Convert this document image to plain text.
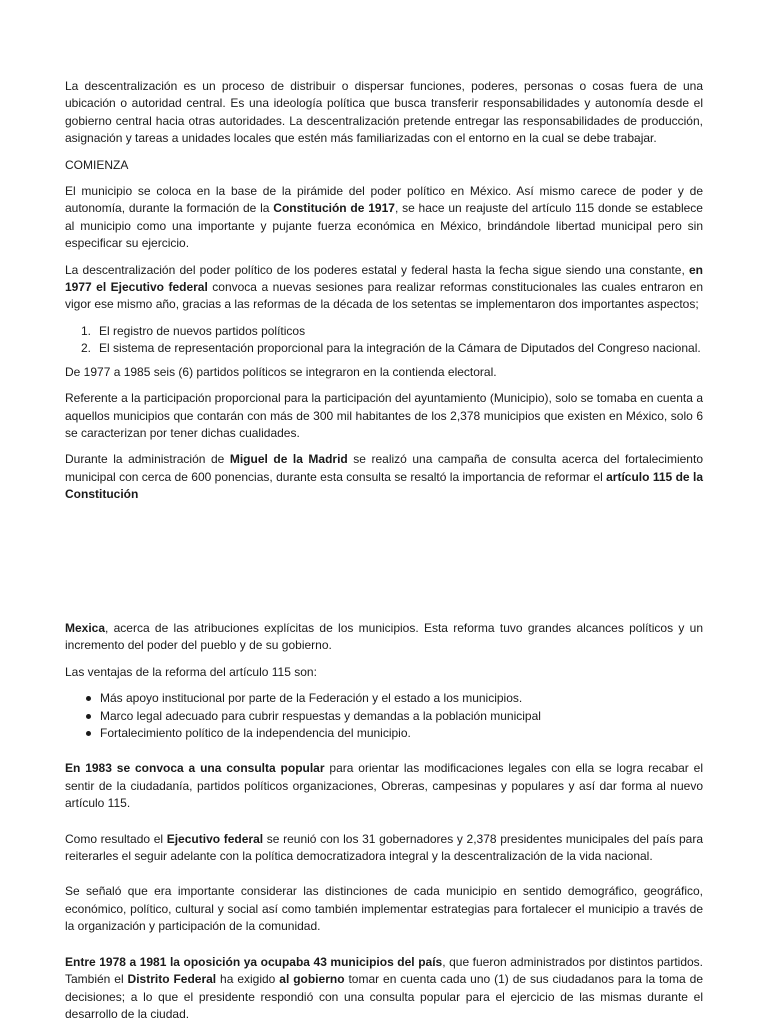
La descentralización es un proceso de distribuir o dispersar funciones, poderes, personas o cosas fuera de una ubicación o autoridad central. Es una ideología política que busca transferir responsabilidades y autonomía desde el gobierno central hacia otras autoridades. La descentralización pretende entregar las responsabilidades de producción, asignación y tareas a unidades locales que estén más familiarizadas con el entorno en la cual se debe trabajar.

COMIENZA

El municipio se coloca en la base de la pirámide del poder político en México. Así mismo carece de poder y de autonomía, durante la formación de la Constitución de 1917, se hace un reajuste del artículo 115 donde se establece al municipio como una importante y pujante fuerza económica en México, brindándole libertad municipal pero sin especificar su ejercicio.

La descentralización del poder político de los poderes estatal y federal hasta la fecha sigue siendo una constante, en 1977 el Ejecutivo federal convoca a nuevas sesiones para realizar reformas constitucionales las cuales entraron en vigor ese mismo año, gracias a las reformas de la década de los setentas se implementaron dos importantes aspectos;

1. El registro de nuevos partidos políticos
2. El sistema de representación proporcional para la integración de la Cámara de Diputados del Congreso nacional.

De 1977 a 1985 seis (6) partidos políticos se integraron en la contienda electoral.

Referente a la participación proporcional para la participación del ayuntamiento (Municipio), solo se tomaba en cuenta a aquellos municipios que contarán con más de 300 mil habitantes de los 2,378 municipios que existen en México, solo 6 se caracterizan por tener dichas cualidades.

Durante la administración de Miguel de la Madrid se realizó una campaña de consulta acerca del fortalecimiento municipal con cerca de 600 ponencias, durante esta consulta se resaltó la importancia de reformar el artículo 115 de la Constitución

Mexica, acerca de las atribuciones explícitas de los municipios. Esta reforma tuvo grandes alcances políticos y un incremento del poder del pueblo y de su gobierno.

Las ventajas de la reforma del artículo 115 son:

Más apoyo institucional por parte de la Federación y el estado a los municipios.
Marco legal adecuado para cubrir respuestas y demandas a la población municipal
Fortalecimiento político de la independencia del municipio.

En 1983 se convoca a una consulta popular para orientar las modificaciones legales con ella se logra recabar el sentir de la ciudadanía, partidos políticos organizaciones, Obreras, campesinas y populares y así dar forma al nuevo artículo 115.

Como resultado el Ejecutivo federal se reunió con los 31 gobernadores y 2,378 presidentes municipales del país para reiterarles el seguir adelante con la política democratizadora integral y la descentralización de la vida nacional.

Se señaló que era importante considerar las distinciones de cada municipio en sentido demográfico, geográfico, económico, político, cultural y social así como también implementar estrategias para fortalecer el municipio a través de la organización y participación de la comunidad.

Entre 1978 a 1981 la oposición ya ocupaba 43 municipios del país, que fueron administrados por distintos partidos. También el Distrito Federal ha exigido al gobierno tomar en cuenta cada uno (1) de sus ciudadanos para la toma de decisiones; a lo que el presidente respondió con una consulta popular para el ejercicio de las mismas durante el desarrollo de la ciudad.
